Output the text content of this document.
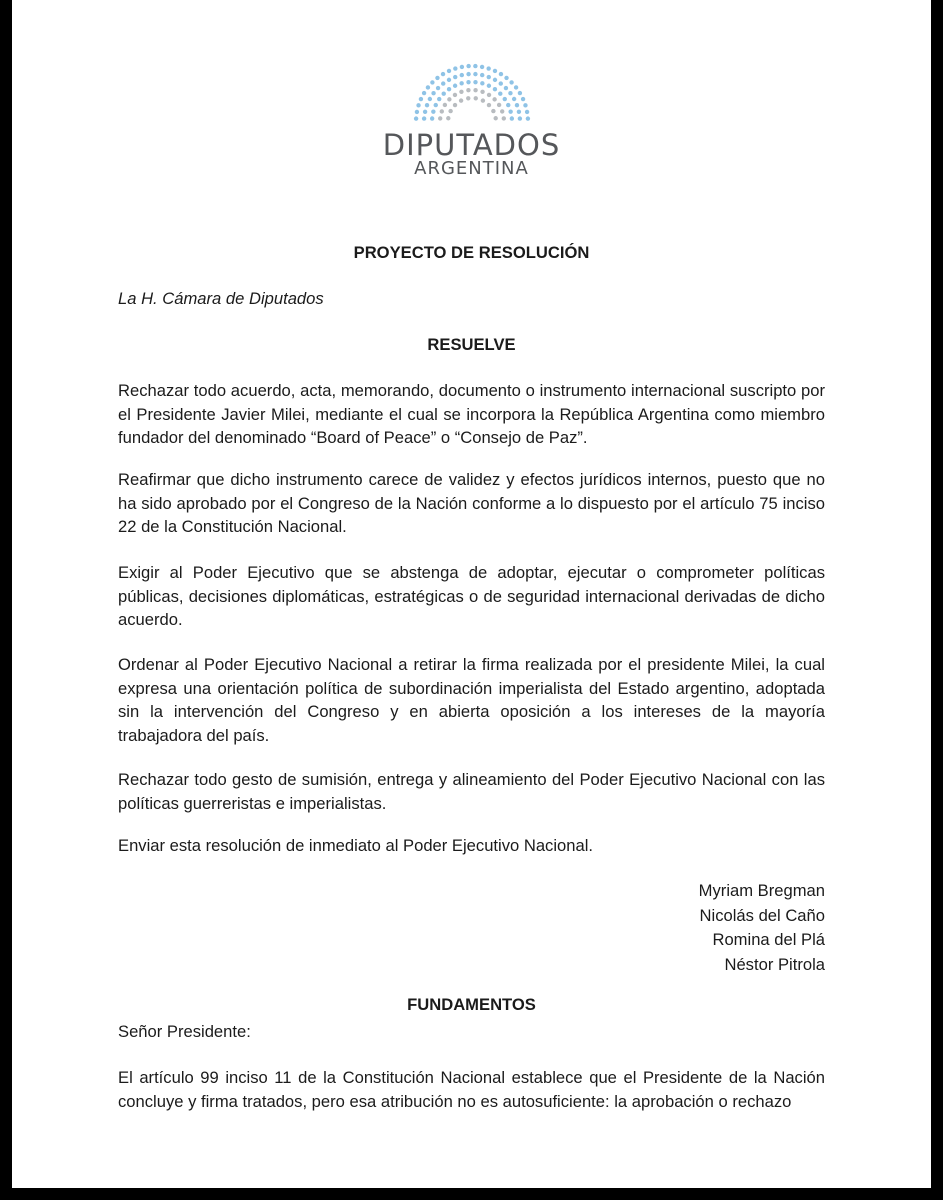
DIPUTADOS
ARGENTINA
PROYECTO DE RESOLUCIÓN
La H. Cámara de Diputados
RESUELVE

Rechazar todo acuerdo, acta, memorando, documento o instrumento internacional suscripto por el Presidente Javier Milei, mediante el cual se incorpora la República Argentina como miembro fundador del denominado “Board of Peace” o “Consejo de Paz”.

Reafirmar que dicho instrumento carece de validez y efectos jurídicos internos, puesto que no ha sido aprobado por el Congreso de la Nación conforme a lo dispuesto por el artículo 75 inciso 22 de la Constitución Nacional.

Exigir al Poder Ejecutivo que se abstenga de adoptar, ejecutar o comprometer políticas públicas, decisiones diplomáticas, estratégicas o de seguridad internacional derivadas de dicho acuerdo.

Ordenar al Poder Ejecutivo Nacional a retirar la firma realizada por el presidente Milei, la cual expresa una orientación política de subordinación imperialista del Estado argentino, adoptada sin la intervención del Congreso y en abierta oposición a los intereses de la mayoría trabajadora del país.

Rechazar todo gesto de sumisión, entrega y alineamiento del Poder Ejecutivo Nacional con las políticas guerreristas e imperialistas.

Enviar esta resolución de inmediato al Poder Ejecutivo Nacional.

Myriam Bregman
Nicolás del Caño
Romina del Plá
Néstor Pitrola
FUNDAMENTOS
Señor Presidente:

El artículo 99 inciso 11 de la Constitución Nacional establece que el Presidente de la Nación concluye y firma tratados, pero esa atribución no es autosuficiente: la aprobación o rechazo
